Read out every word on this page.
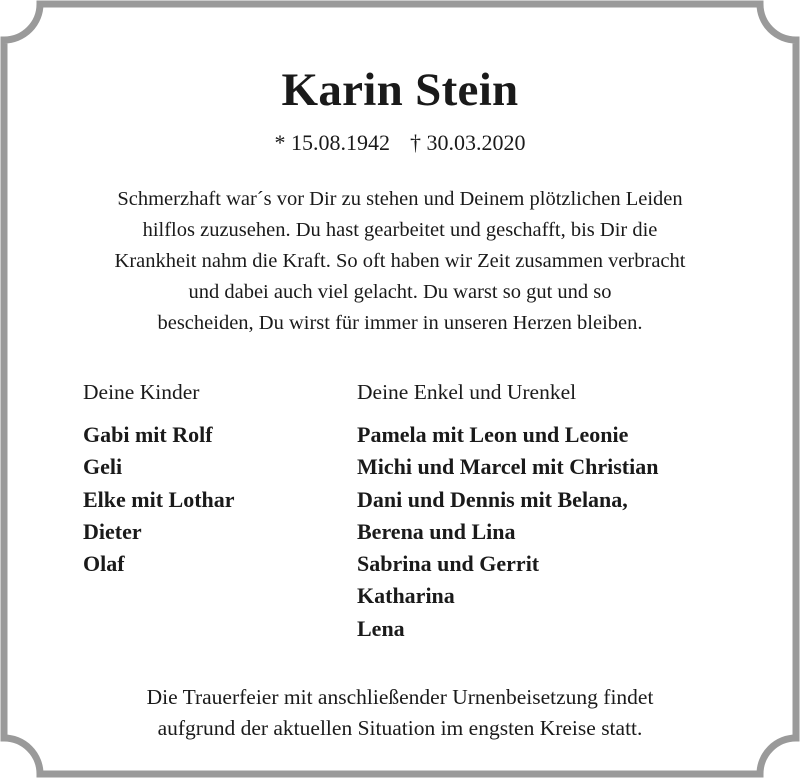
Karin Stein
* 15.08.1942 † 30.03.2020
Schmerzhaft war´s vor Dir zu stehen und Deinem plötzlichen Leiden
hilflos zuzusehen. Du hast gearbeitet und geschafft, bis Dir die
Krankheit nahm die Kraft. So oft haben wir Zeit zusammen verbracht
und dabei auch viel gelacht. Du warst so gut und so
bescheiden, Du wirst für immer in unseren Herzen bleiben.
Deine Kinder
Gabi mit Rolf
Geli
Elke mit Lothar
Dieter
Olaf
Deine Enkel und Urenkel
Pamela mit Leon und Leonie
Michi und Marcel mit Christian
Dani und Dennis mit Belana,
Berena und Lina
Sabrina und Gerrit
Katharina
Lena
Die Trauerfeier mit anschließender Urnenbeisetzung findet
aufgrund der aktuellen Situation im engsten Kreise statt.
